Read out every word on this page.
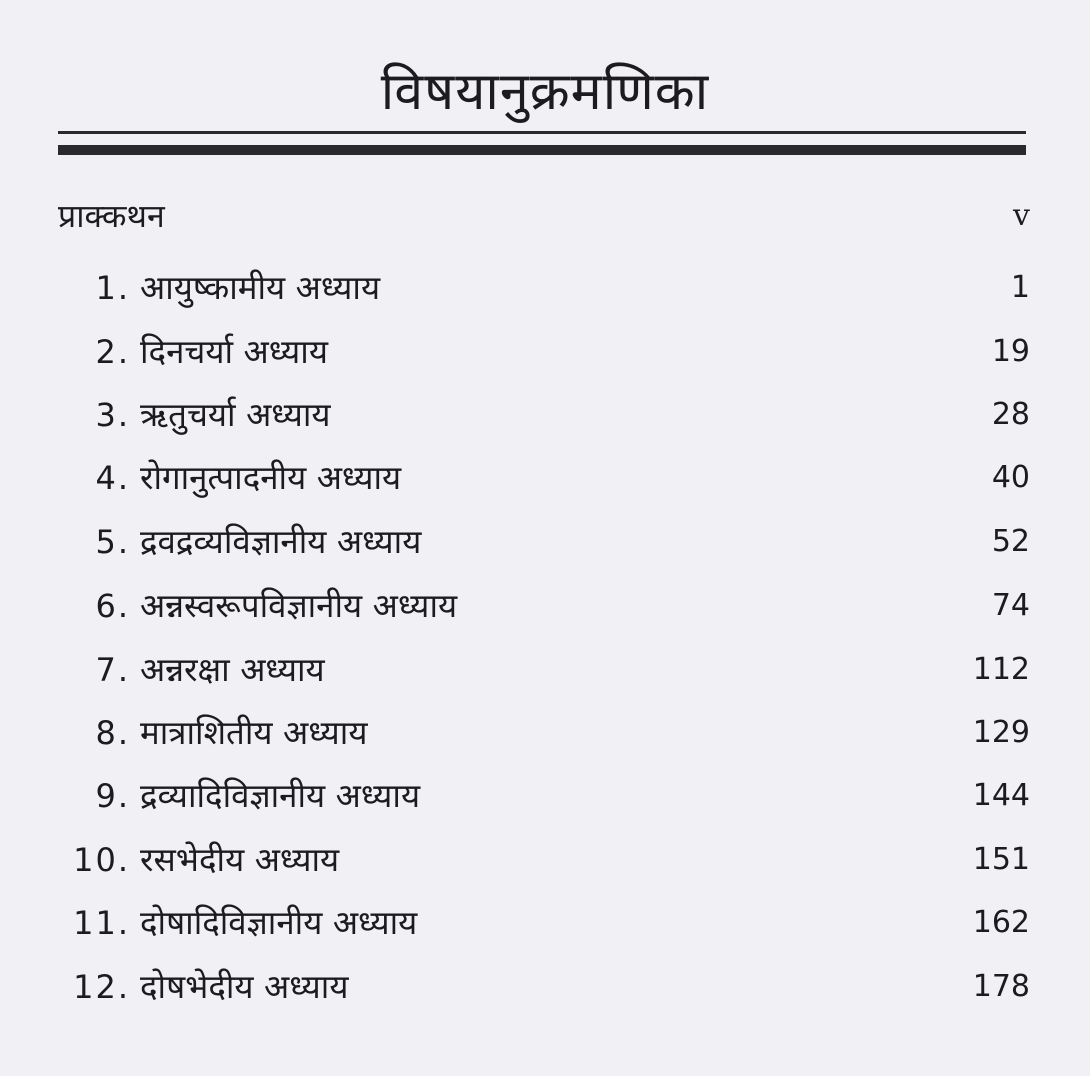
विषयानुक्रमणिका
प्राक्कथन	v
1. आयुष्कामीय अध्याय	1
2. दिनचर्या अध्याय	19
3. ऋतुचर्या अध्याय	28
4. रोगानुत्पादनीय अध्याय	40
5. द्रवद्रव्यविज्ञानीय अध्याय	52
6. अन्नस्वरूपविज्ञानीय अध्याय	74
7. अन्नरक्षा अध्याय	112
8. मात्राशितीय अध्याय	129
9. द्रव्यादिविज्ञानीय अध्याय	144
10. रसभेदीय अध्याय	151
11. दोषादिविज्ञानीय अध्याय	162
12. दोषभेदीय अध्याय	178
